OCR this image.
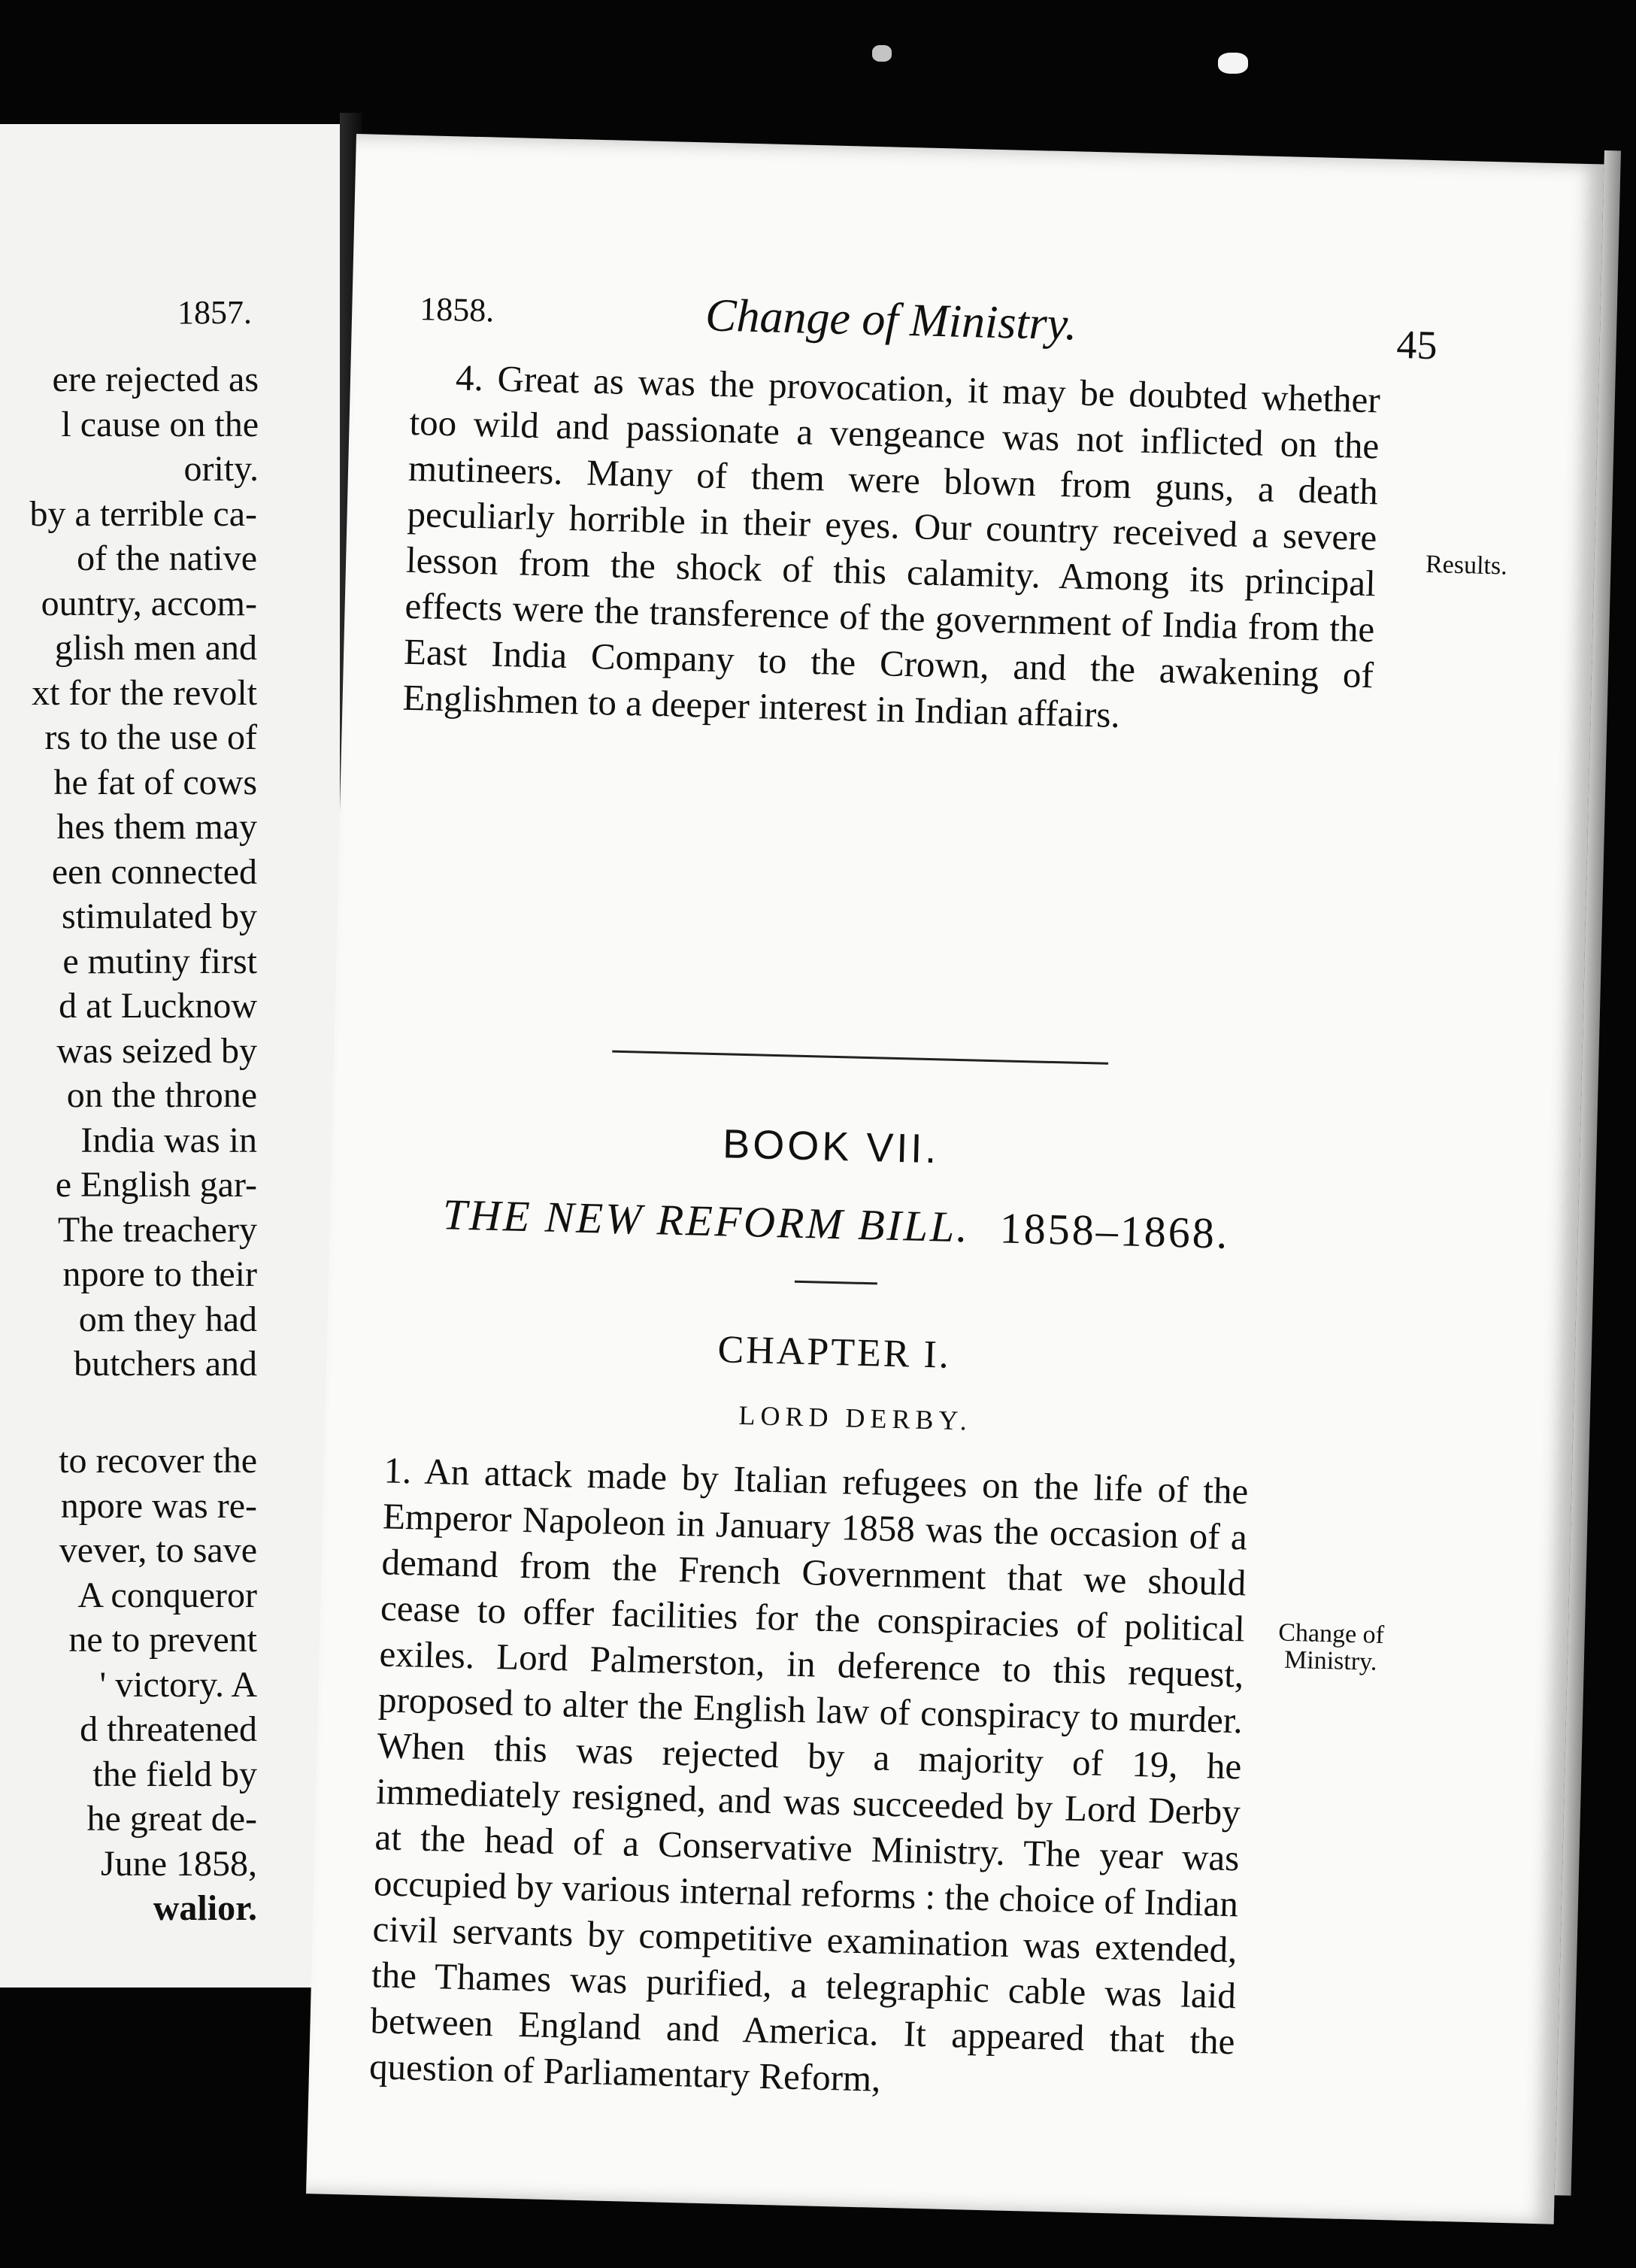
1857.
ere rejected as
l cause on the
ority.
by a terrible ca-
of the native
ountry, accom-
glish men and
xt for the revolt
rs to the use of
he fat of cows
hes them may
een connected
stimulated by
e mutiny first
d at Lucknow
was seized by
on the throne
India was in
e English gar-
The treachery
npore to their
om they had
butchers and
to recover the
npore was re-
vever, to save
A conqueror
ne to prevent
' victory. A
d threatened
the field by
he great de-
June 1858,
walior.
1858.	Change of Ministry.	45

4. Great as was the provocation, it may be doubted whether too wild and passionate a vengeance was not inflicted on the mutineers. Many of them were blown from guns, a death peculiarly horrible in their eyes. Our country received a severe lesson from the shock of this calamity. Among its principal effects were the transference of the government of India from the East India Company to the Crown, and the awakening of Englishmen to a deeper interest in Indian affairs.

Results.
BOOK VII.
THE NEW REFORM BILL. 1858–1868.
CHAPTER I.
LORD DERBY.

1. An attack made by Italian refugees on the life of the Emperor Napoleon in January 1858 was the occasion of a demand from the French Government that we should cease to offer facilities for the conspiracies of political exiles. Lord Palmerston, in deference to this request, proposed to alter the English law of conspiracy to murder. When this was rejected by a majority of 19, he immediately resigned, and was succeeded by Lord Derby at the head of a Conservative Ministry. The year was occupied by various internal reforms : the choice of Indian civil servants by competitive examination was extended, the Thames was purified, a telegraphic cable was laid between England and America. It appeared that the question of Parliamentary Reform,

Change of Ministry.
